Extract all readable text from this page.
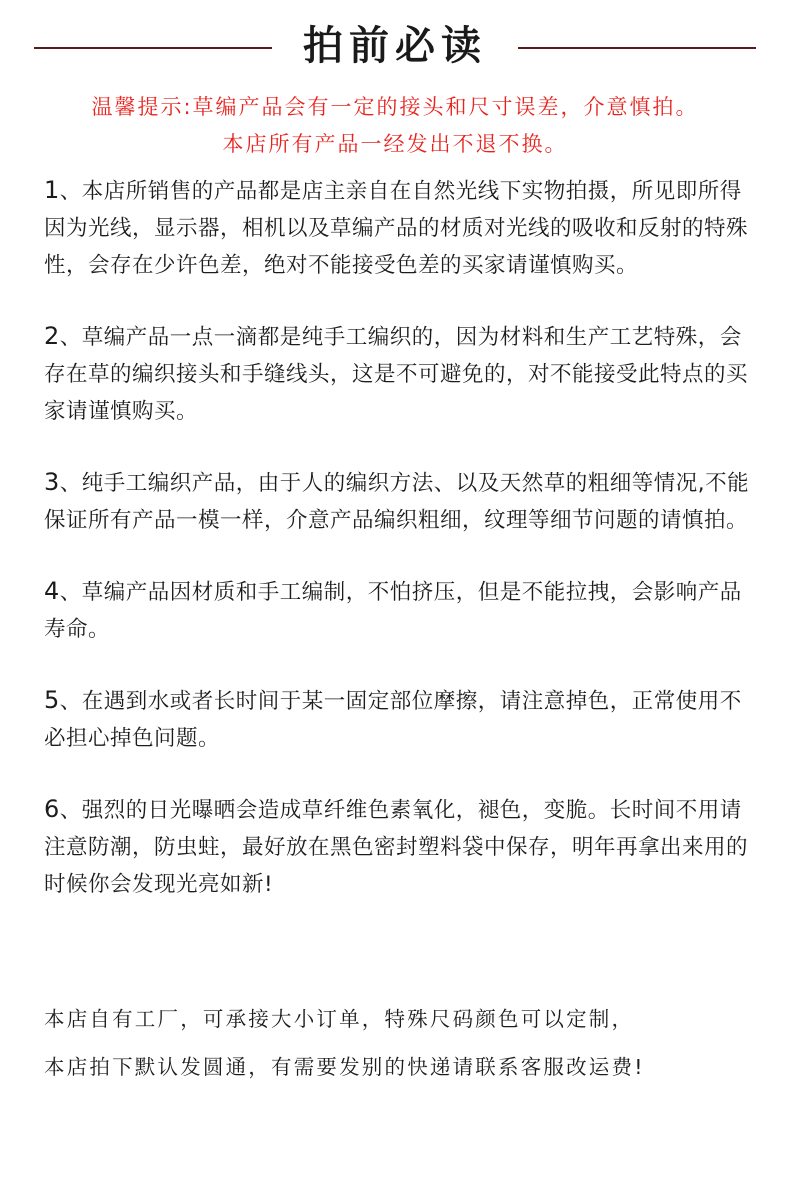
拍前必读
温馨提示:草编产品会有一定的接头和尺寸误差，介意慎拍。
本店所有产品一经发出不退不换。
1、本店所销售的产品都是店主亲自在自然光线下实物拍摄，所见即所得因为光线，显示器，相机以及草编产品的材质对光线的吸收和反射的特殊性，会存在少许色差，绝对不能接受色差的买家请谨慎购买。
2、草编产品一点一滴都是纯手工编织的，因为材料和生产工艺特殊，会存在草的编织接头和手缝线头，这是不可避免的，对不能接受此特点的买家请谨慎购买。
3、纯手工编织产品，由于人的编织方法、以及天然草的粗细等情况,不能保证所有产品一模一样，介意产品编织粗细，纹理等细节问题的请慎拍。
4、草编产品因材质和手工编制，不怕挤压，但是不能拉拽，会影响产品寿命。
5、在遇到水或者长时间于某一固定部位摩擦，请注意掉色，正常使用不必担心掉色问题。
6、强烈的日光曝晒会造成草纤维色素氧化，褪色，变脆。长时间不用请注意防潮，防虫蛀，最好放在黑色密封塑料袋中保存，明年再拿出来用的时候你会发现光亮如新!
本店自有工厂，可承接大小订单，特殊尺码颜色可以定制，
本店拍下默认发圆通，有需要发别的快递请联系客服改运费!
